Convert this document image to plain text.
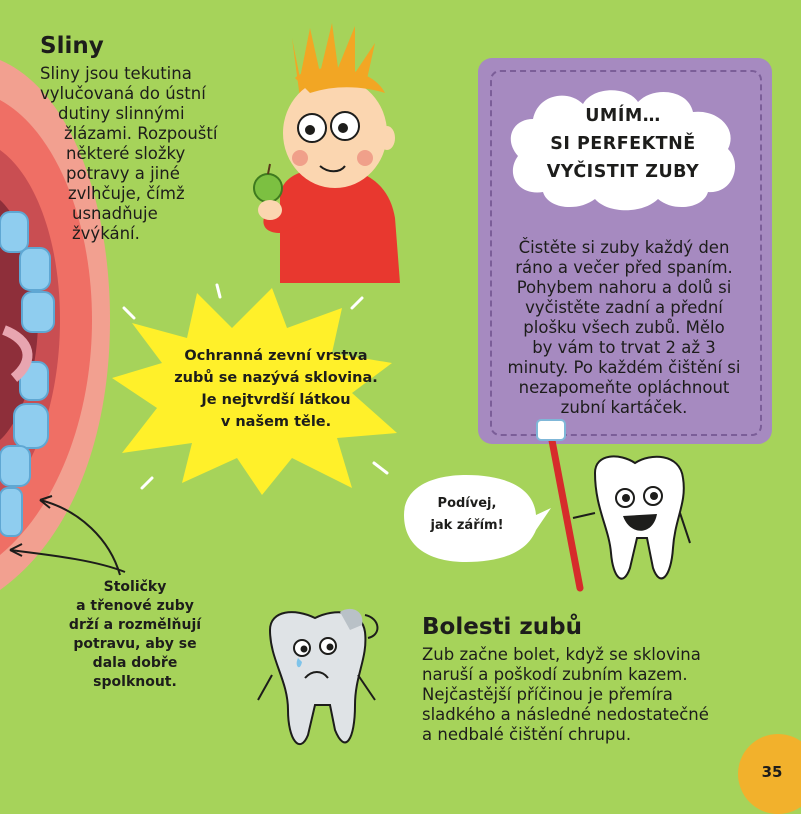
Sliny
Sliny jsou tekutina
vylučovaná do ústní
dutiny slinnými
žlázami. Rozpouští
některé složky
potravy a jiné
zvlhčuje, čímž
usnadňuje
žvýkání.
UMÍM…
SI PERFEKTNĚ
VYČISTIT ZUBY
Čistěte si zuby každý den
ráno a večer před spaním.
Pohybem nahoru a dolů si
vyčistěte zadní a přední
plošku všech zubů. Mělo
by vám to trvat 2 až 3
minuty. Po každém čištění si
nezapomeňte opláchnout
zubní kartáček.
Ochranná zevní vrstva
zubů se nazývá sklovina.
Je nejtvrdší látkou
v našem těle.
Podívej,
jak zářím!
Stoličky
a třenové zuby
drží a rozmělňují
potravu, aby se
dala dobře
spolknout.
Bolesti zubů
Zub začne bolet, když se sklovina
naruší a poškodí zubním kazem.
Nejčastější příčinou je přemíra
sladkého a následné nedostatečné
a nedbalé čištění chrupu.
35
